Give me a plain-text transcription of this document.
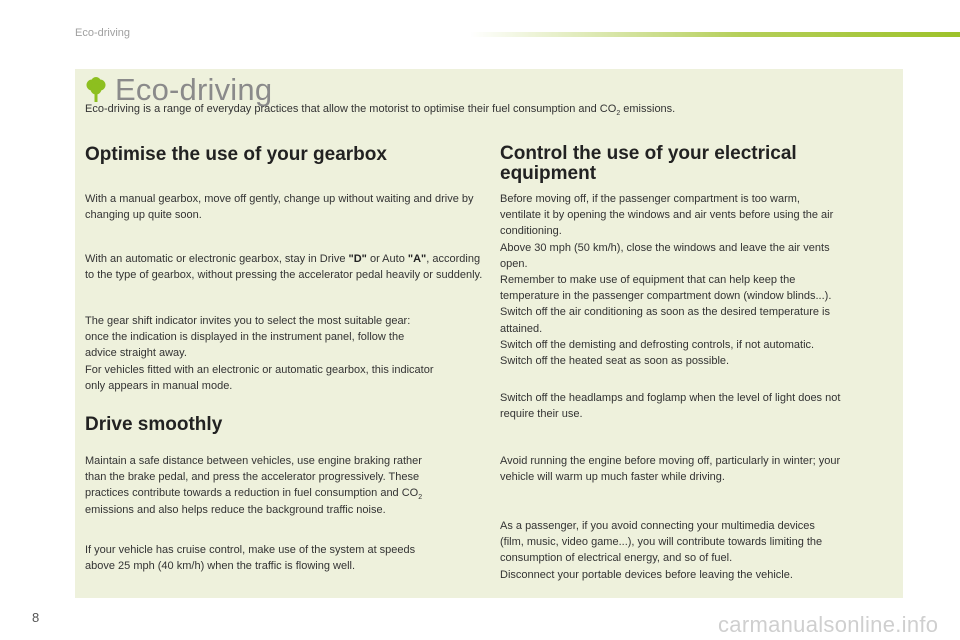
Eco-driving
Eco-driving
Eco-driving is a range of everyday practices that allow the motorist to optimise their fuel consumption and $CO_2$ emissions.
Optimise the use of your gearbox

With a manual gearbox, move off gently, change up without waiting and drive by changing up quite soon.

With an automatic or electronic gearbox, stay in Drive "D" or Auto "A", according to the type of gearbox, without pressing the accelerator pedal heavily or suddenly.

The gear shift indicator invites you to select the most suitable gear:
once the indication is displayed in the instrument panel, follow the
advice straight away.
For vehicles fitted with an electronic or automatic gearbox, this indicator
only appears in manual mode.

Drive smoothly

Maintain a safe distance between vehicles, use engine braking rather
than the brake pedal, and press the accelerator progressively. These
practices contribute towards a reduction in fuel consumption and $CO_2$
emissions and also helps reduce the background traffic noise.

If your vehicle has cruise control, make use of the system at speeds
above 25 mph (40 km/h) when the traffic is flowing well.

Control the use of your electrical
equipment

Before moving off, if the passenger compartment is too warm,
ventilate it by opening the windows and air vents before using the air
conditioning.
Above 30 mph (50 km/h), close the windows and leave the air vents
open.
Remember to make use of equipment that can help keep the
temperature in the passenger compartment down (window blinds...).
Switch off the air conditioning as soon as the desired temperature is
attained.
Switch off the demisting and defrosting controls, if not automatic.
Switch off the heated seat as soon as possible.

Switch off the headlamps and foglamp when the level of light does not
require their use.

Avoid running the engine before moving off, particularly in winter; your
vehicle will warm up much faster while driving.

As a passenger, if you avoid connecting your multimedia devices
(film, music, video game...), you will contribute towards limiting the
consumption of electrical energy, and so of fuel.
Disconnect your portable devices before leaving the vehicle.

8	carmanualsonline.info
